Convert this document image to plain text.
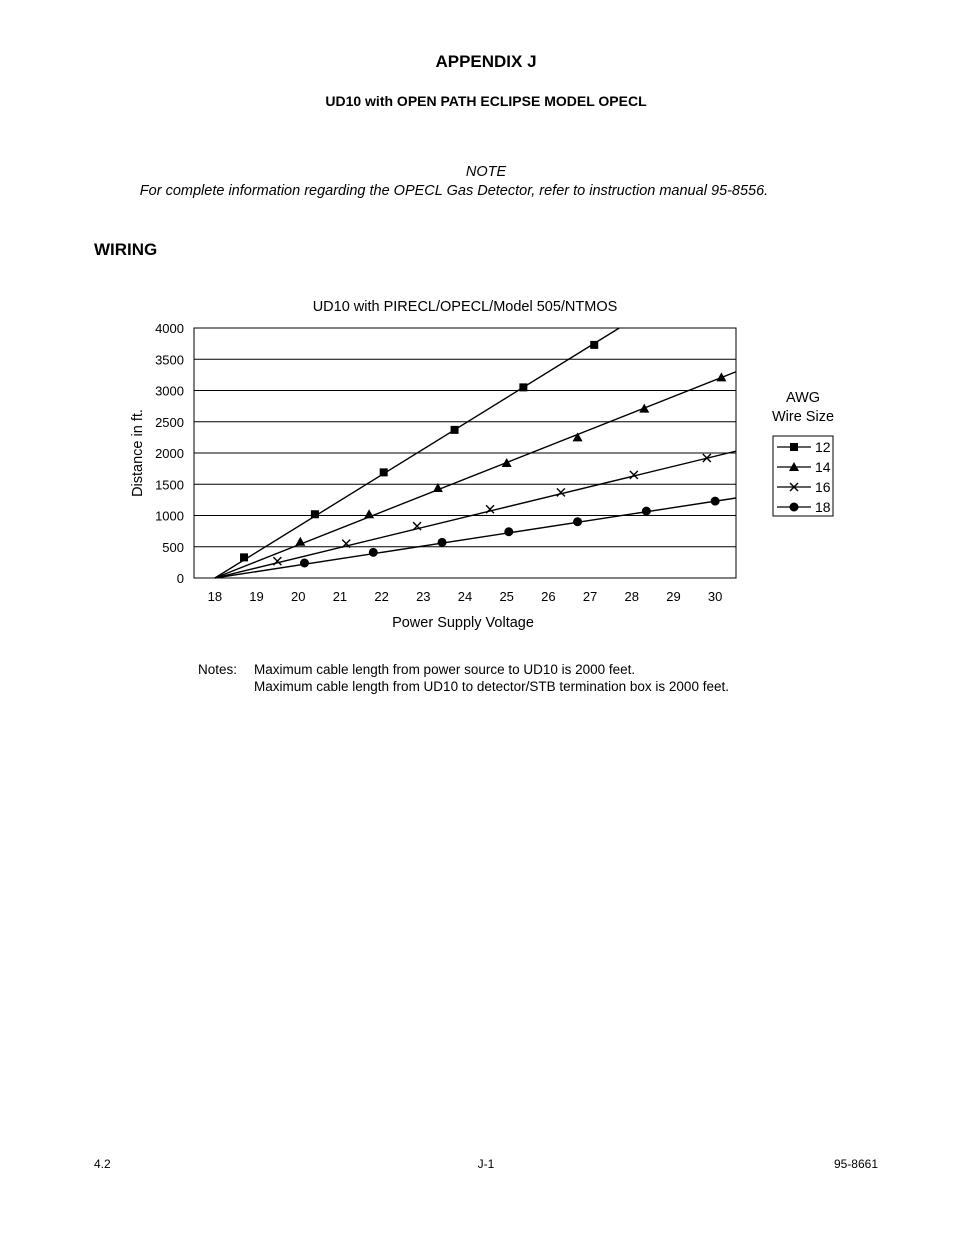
APPENDIX J
UD10 with OPEN PATH ECLIPSE MODEL OPECL
NOTE
For complete information regarding the OPECL Gas Detector, refer to instruction manual 95-8556.
WIRING
UD10 with PIRECL/OPECL/Model 505/NTMOS
0
500
1000
1500
2000
2500
3000
3500
4000
18 19 20 21 22 23 24 25 26 27 28 29 30
Power Supply Voltage
Distance in ft.
AWG
Wire Size
12
14
16
18
Notes: Maximum cable length from power source to UD10 is 2000 feet.
Maximum cable length from UD10 to detector/STB termination box is 2000 feet.
4.2	J-1	95-8661
